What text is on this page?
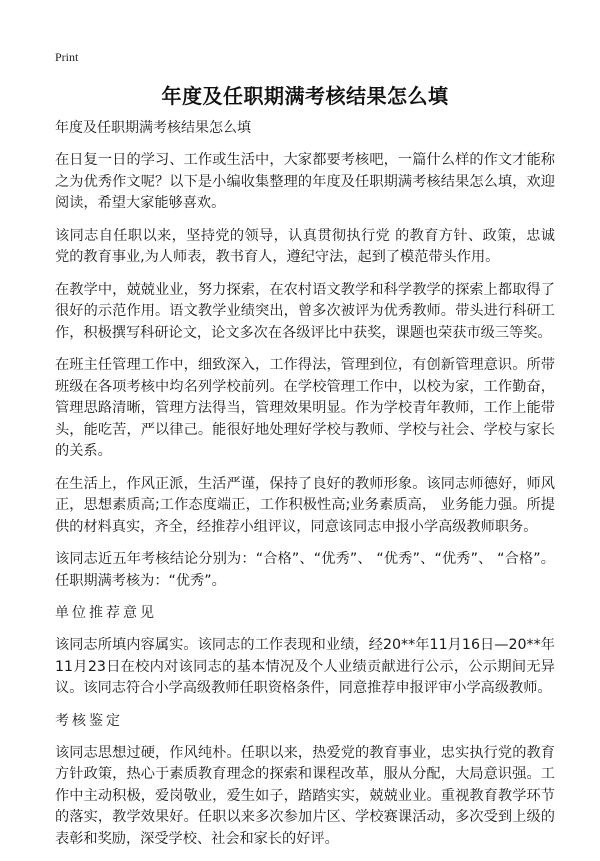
Print
年度及任职期满考核结果怎么填
年度及任职期满考核结果怎么填

在日复一日的学习、工作或生活中，大家都要考核吧，一篇什么样的作文才能称之为优秀作文呢？以下是小编收集整理的年度及任职期满考核结果怎么填，欢迎阅读，希望大家能够喜欢。

该同志自任职以来，坚持党的领导，认真贯彻执行党 的教育方针、政策，忠诚党的教育事业,为人师表，教书育人，遵纪守法，起到了模范带头作用。

在教学中，兢兢业业，努力探索，在农村语文教学和科学教学的探索上都取得了很好的示范作用。语文教学业绩突出，曾多次被评为优秀教师。带头进行科研工作，积极撰写科研论文，论文多次在各级评比中获奖，课题也荣获市级三等奖。

在班主任管理工作中，细致深入，工作得法，管理到位，有创新管理意识。所带班级在各项考核中均名列学校前列。在学校管理工作中，以校为家，工作勤奋，管理思路清晰，管理方法得当，管理效果明显。作为学校青年教师，工作上能带头，能吃苦，严以律己。能很好地处理好学校与教师、学校与社会、学校与家长的关系。

在生活上，作风正派，生活严谨，保持了良好的教师形象。该同志师德好，师风正，思想素质高;工作态度端正，工作积极性高;业务素质高， 业务能力强。所提供的材料真实，齐全，经推荐小组评议，同意该同志申报小学高级教师职务。

该同志近五年考核结论分别为：“合格”、“优秀”、 “优秀”、“优秀”、 “合格”。任职期满考核为：“优秀”。

单位推荐意见

该同志所填内容属实。该同志的工作表现和业绩，经20**年11月16日—20**年11月23日在校内对该同志的基本情况及个人业绩贡献进行公示，公示期间无异议。该同志符合小学高级教师任职资格条件，同意推荐申报评审小学高级教师。

考核鉴定

该同志思想过硬，作风纯朴。任职以来，热爱党的教育事业，忠实执行党的教育方针政策，热心于素质教育理念的探索和课程改革，服从分配，大局意识强。工作中主动积极，爱岗敬业，爱生如子，踏踏实实，兢兢业业。重视教育教学环节的落实，教学效果好。任职以来多次参加片区、学校赛课活动，多次受到上级的表彰和奖励，深受学校、社会和家长的好评。
